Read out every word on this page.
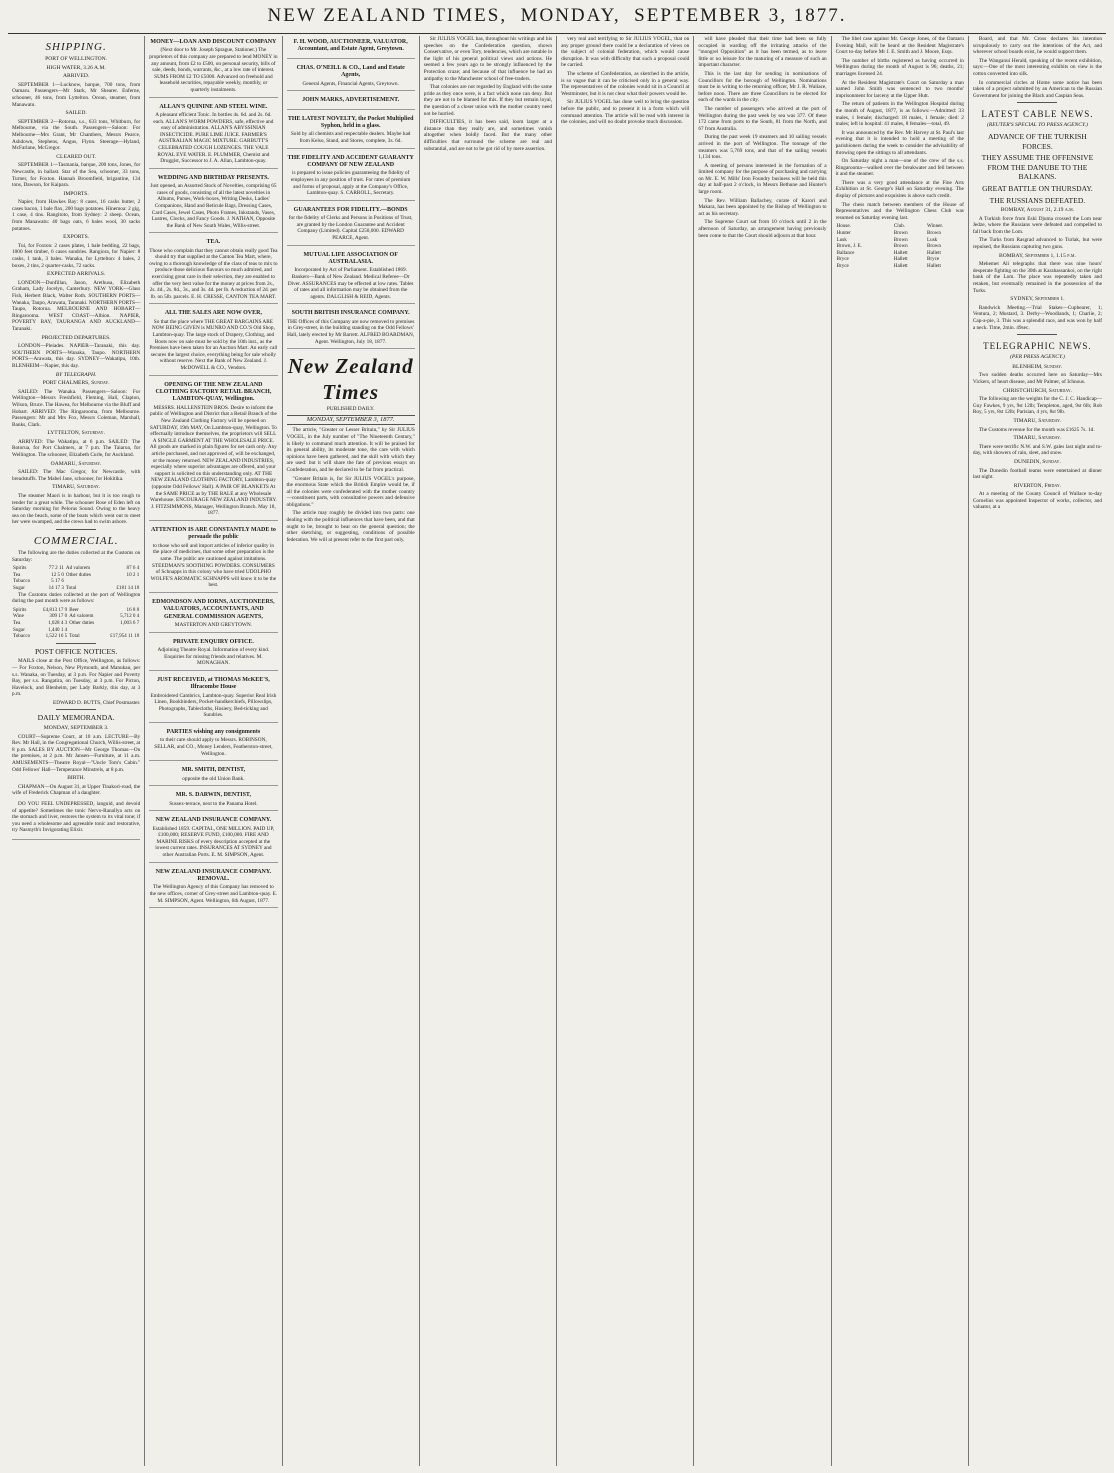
NEW ZEALAND TIMES,
MONDAY,
SEPTEMBER 3, 1877.
SHIPPING.
PORT OF WELLINGTON.
HIGH WATER, 3.26 A.M.
ARRIVED.

SEPTEMBER 1—Lucknow, barque, 700 tons, from Oamaru. Passengers—Mr Stark, Mr Shearer. Enferne, schooner, 46 tons, from Lyttelton. Ocean, steamer, from Manawatu.

SAILED.

SEPTEMBER 2—Rotorua, s.s., 633 tons, Whitburn, for Melbourne, via the South. Passengers—Saloon: For Melbourne—Mrs Grant, Mr Chambers, Messrs Pearce, Ashdown, Stephens, Angus, Flynn. Steerage—Hyland, McFarlane, McGregor.

CLEARED OUT.

SEPTEMBER 1—Tasmania, barque, 200 tons, Jones, for Newcastle, in ballast. Star of the Sea, schooner, 33 tons, Turner, for Foxton. Hannah Broomfield, brigantine, 134 tons, Dawson, for Kaipara.

IMPORTS.

Napier, from Hawkes Bay: 8 cases, 16 casks butter, 2 cases bacon, 1 bale flax, 200 bags potatoes. Hinemoa: 2 gig, 1 case, 4 tins. Rangitoto, from Sydney: 2 sheep. Ocean, from Manawatu: 40 bags oats, 6 bales wool, 30 sacks potatoes.

EXPORTS.

Tui, for Foxton: 2 cases plates, 1 bale bedding, 22 bags, 1000 feet timber, 6 cases sundries. Rangiora, for Napier: 8 casks, 1 tank, 3 bales. Wanaka, for Lyttelton: 4 bales, 2 boxes, 2 tins, 2 quarter-casks, 72 sacks.

EXPECTED ARRIVALS.

LONDON—Dunfillan, Jason, Arethusa, Elizabeth Graham, Lady Jocelyn, Canterbury. NEW YORK—Glass Fish, Herbert Black, Walter Roth. SOUTHERN PORTS—Wanaka, Taupo, Arawata, Taranaki. NORTHERN PORTS—Taupo, Rotorua. MELBOURNE AND HOBART—Ringarooma. WEST COAST—Albion. NAPIER, POVERTY BAY, TAURANGA AND AUCKLAND—Taranaki.

PROJECTED DEPARTURES.

LONDON—Pleiades. NAPIER—Taranaki, this day. SOUTHERN PORTS—Wanaka, Taupo. NORTHERN PORTS—Arawata, this day. SYDNEY—Wakatipu, 10th. BLENHEIM—Napier, this day.

BY TELEGRAPH.
PORT CHALMERS, Sunday.

SAILED: The Wanaka. Passengers—Saloon: For Wellington—Messrs Freshfield, Fleming, Hall, Clapton, Wilson, Bruce. The Hawea, for Melbourne via the Bluff and Hobart. ARRIVED: The Ringarooma, from Melbourne. Passengers: Mr and Mrs Fox, Messrs Coleman, Marshall, Banks, Clark.

LYTTELTON, Saturday.

ARRIVED: The Wakatipu, at 6 p.m. SAILED: The Rotorua, for Port Chalmers, at 7 p.m. The Taiaroa, for Wellington. The schooner, Elizabeth Curle, for Auckland.

OAMARU, Saturday.

SAILED: The Mac Gregor, for Newcastle, with breadstuffs. The Mabel Jane, schooner, for Hokitika.

TIMARU, Saturday.

The steamer Maori is in harbour, but it is too rough to tender for a great while. The schooner Rose of Eden left on Saturday morning for Pelorus Sound. Owing to the heavy sea on the beach, some of the boats which went out to meet her were swamped, and the crews had to swim ashore.

COMMERCIAL.

The following are the duties collected at the Customs on Saturday:

Spirits	77 2 11	Ad valorem	87 6 4
Tea	12 5 0	Other duties	10 2 1
Tobacco	5 17 6		
Sugar	14 17 3	Total	£181 14 10

The Customs duties collected at the port of Wellington during the past month were as follows:

Spirits	£4,813 17 9	Beer	16 8 0
Wine	309 17 0	Ad valorem	5,712 0 4
Tea	1,028 4 3	Other duties	1,003 6 7
Sugar	1,440 1 4		
Tobacco	1,522 16 5	Total	£17,954 11 10
POST OFFICE NOTICES.

MAILS close at the Post Office, Wellington, as follows:— For Foxton, Nelson, New Plymouth, and Manukau, per s.s. Wanaka, on Tuesday, at 3 p.m. For Napier and Poverty Bay, per s.s. Rangatira, on Tuesday, at 3 p.m. For Picton, Havelock, and Blenheim, per Lady Barkly, this day, at 3 p.m.

EDWARD D. BUTTS, Chief Postmaster.

DAILY MEMORANDA.
MONDAY, SEPTEMBER 3.

COURT—Supreme Court, at 10 a.m. LECTURE—By Rev. Mr Hall, in the Congregational Church, Willis-street, at 8 p.m. SALES BY AUCTION—Mr George Thomas—On the premises, at 2 p.m. Mr Jansen—Furniture, at 11 a.m. AMUSEMENTS—Theatre Royal—"Uncle Tom's Cabin." Odd Fellows' Hall—Temperance Minstrels, at 8 p.m.

BIRTH.

CHAPMAN—On August 31, at Upper Tinakori-road, the wife of Frederick Chapman of a daughter.

DO YOU FEEL UNDEPRESSED, languid, and devoid of appetite? Sometimes the tonic Nervo-Ranallya acts on the stomach and liver, restores the system to its vital tone; if you need a wholesome and agreeable tonic and restorative, try Nasmyth's Invigorating Elixir.

MONEY—LOAN AND DISCOUNT COMPANY
(Next door to Mr. Joseph Sprague, Stationer.) The proprietors of this company are prepared to lend MONEY in any amount, from £2 to £500, on personal security, bills of sale, deeds, bonds, warrants, &c., at a low rate of interest. SUMS FROM £2 TO £5000. Advanced on freehold and leasehold securities, repayable weekly, monthly, or quarterly instalments.
ALLAN'S QUININE AND STEEL WINE.
A pleasant efficient Tonic. In bottles 4s. 6d. and 2s. 6d. each. ALLAN'S WORM POWDERS, safe, effective and easy of administration. ALLAN'S ABYSSINIAN INSECTICIDE. PURE LIME JUICE. FARMER'S AUSTRALIAN MAGIC MIXTURE. GARBUTT'S CELEBRATED COUGH LOZENGES. THE VALE ROYAL EYE WATER. E. PLUMMER, Chemist and Druggist, Successor to J. A. Allan, Lambton-quay.
WEDDING AND BIRTHDAY PRESENTS.
Just opened, an Assorted Stock of Novelties, comprising 65 cases of goods, consisting of all the latest novelties in Albums, Purses, Work-boxes, Writing Desks, Ladies' Companions, Hand and Reticule Bags, Dressing Cases, Card Cases, Jewel Cases, Photo Frames, Inkstands, Vases, Lustres, Clocks, and Fancy Goods. J. NATHAN, Opposite the Bank of New South Wales, Willis-street.
TEA.
Those who complain that they cannot obtain really good Tea should try that supplied at the Canton Tea Mart, where, owing to a thorough knowledge of the class of teas to mix to produce those delicious flavours so much admired, and exercising great care in their selection, they are enabled to offer the very best value for the money at prices from 2s., 2s. 4d., 2s. 8d., 3s., and 3s. 4d. per lb. A reduction of 2d. per lb. on 5lb. parcels. E. H. CRESSE, CANTON TEA MART.
ALL THE SALES ARE NOW OVER,
So that the place where THE GREAT BARGAINS ARE NOW BEING GIVEN is MUNRO AND CO.'S Old Shop, Lambton-quay. The large stock of Drapery, Clothing, and Boots now on sale must be sold by the 10th inst., as the Premises have been taken for an Auction Mart. An early call secures the largest choice, everything being for sale wholly without reserve. Next the Bank of New Zealand. J. McDOWELL & CO., Vendors.
OPENING OF THE NEW ZEALAND CLOTHING FACTORY RETAIL BRANCH, LAMBTON-QUAY, Wellington.
MESSRS. HALLENSTEIN BROS. Desire to inform the public of Wellington and District that a Retail Branch of the New Zealand Clothing Factory will be opened on SATURDAY, 19th MAY, On Lambton-quay, Wellington. To effectually introduce themselves, the proprietors will SELL A SINGLE GARMENT AT THE WHOLESALE PRICE. All goods are marked in plain figures for net cash only. Any article purchased, and not approved of, will be exchanged, or the money returned. NEW ZEALAND INDUSTRIES, especially where superior advantages are offered, and your support is solicited on this understanding only. AT THE NEW ZEALAND CLOTHING FACTORY, Lambton-quay (opposite Odd Fellows' Hall). A PAIR OF BLANKETS At the SAME PRICE as by THE BALE at any Wholesale Warehouse. ENCOURAGE NEW ZEALAND INDUSTRY. J. FITZSIMMONS, Manager, Wellington Branch. May 18, 1877.
ATTENTION IS ARE CONSTANTLY MADE to persuade the public
to those who sell and import articles of inferior quality in the place of medicines, that some other preparation is the same. The public are cautioned against imitations. STEEDMAN'S SOOTHING POWDERS. CONSUMERS of Schnapps in this colony who have tried UDOLPHO WOLFE'S AROMATIC SCHNAPPS will know it to be the best.
EDMONDSON AND IORNS, AUCTIONEERS, VALUATORS, ACCOUNTANTS, AND GENERAL COMMISSION AGENTS,
MASTERTON AND GREYTOWN.
PRIVATE ENQUIRY OFFICE.
Adjoining Theatre Royal. Information of every kind. Enquiries for missing friends and relatives. M. MONAGHAN.
JUST RECEIVED, at THOMAS McKEE'S, Ilfracombe House
Embroidered Cambrics, Lambton-quay. Superior Real Irish Linen, Bookbinders, Pocket-handkerchiefs, Pillowslips, Photographs, Tablecloths, Hosiery, Bed-ticking and Sundries.
PARTIES wishing any consignments
to their care should apply to Messrs. ROBINSON, SELLAR, and CO., Money Lenders, Featherston-street, Wellington.
MR. SMITH, DENTIST,
opposite the old Union Bank.
MR. S. DARWIN, DENTIST,
Sussex-terrace, next to the Panama Hotel.
NEW ZEALAND INSURANCE COMPANY.
Established 1859. CAPITAL, ONE MILLION. PAID UP, £100,000; RESERVE FUND, £100,000. FIRE AND MARINE RISKS of every description accepted at the lowest current rates. INSURANCES AT SYDNEY and other Australian Ports. E. M. SIMPSON, Agent.
NEW ZEALAND INSURANCE COMPANY. REMOVAL.
The Wellington Agency of this Company has removed to the new offices, corner of Grey-street and Lambton-quay. E. M. SIMPSON, Agent. Wellington, 6th August, 1877.
F. H. WOOD, AUCTIONEER, VALUATOR, Accountant, and Estate Agent, Greytown.
CHAS. O'NEILL & CO., Land and Estate Agents,
General Agents, Financial Agents, Greytown.
JOHN MARKS, ADVERTISEMENT.
THE LATEST NOVELTY, the Pocket Multiplied Syphon, held in a glass.
Sold by all chemists and respectable dealers. Maybe had from Kelso, Stand, and Stores, complete, 3s. 6d.
THE FIDELITY AND ACCIDENT GUARANTY COMPANY OF NEW ZEALAND
is prepared to issue policies guaranteeing the fidelity of employees in any position of trust. For rates of premium and forms of proposal, apply at the Company's Office, Lambton-quay. S. CARROLL, Secretary.
GUARANTEES FOR FIDELITY.—BONDS
for the fidelity of Clerks and Persons in Positions of Trust, are granted by the London Guarantee and Accident Company (Limited). Capital £250,000. EDWARD PEARCE, Agent.
MUTUAL LIFE ASSOCIATION OF AUSTRALASIA.
Incorporated by Act of Parliament. Established 1869. Bankers—Bank of New Zealand. Medical Referee—Dr Diver. ASSURANCES may be effected at low rates. Tables of rates and all information may be obtained from the agents. DALGLISH & REID, Agents.
SOUTH BRITISH INSURANCE COMPANY.
THE Offices of this Company are now removed to premises in Grey-street, in the building standing on the Odd Fellows' Hall, lately erected by Mr Barrett. ALFRED BOARDMAN, Agent. Wellington, July 18, 1877.
New Zealand Times
PUBLISHED DAILY.
MONDAY, SEPTEMBER 3, 1877.

The article, "Greater or Lesser Britain," by Sir JULIUS VOGEL, in the July number of "The Nineteenth Century," is likely to command much attention. It will be praised for its general ability, its moderate tone, the care with which opinions have been gathered, and the skill with which they are used: but it will share the fate of previous essays on Confederation, and be declared to be far from practical.

"Greater Britain is, for Sir JULIUS VOGEL's purpose, the enormous State which the British Empire would be, if all the colonies were confederated with the mother country—constituent parts, with consultative powers and defensive obligations."

The article may roughly be divided into two parts: one dealing with the political influences that have been, and that ought to be, brought to bear on the general question; the other sketching, or suggesting, conditions of possible federation. We will at present refer to the first part only.

Sir JULIUS VOGEL has, throughout his writings and his speeches on the Confederation question, shown Conservative, or even Tory, tendencies, which are notable in the light of his general political views and actions. He seemed a few years ago to be strongly influenced by the Protection craze; and because of that influence he had an antipathy to the Manchester school of free-traders.

That colonies are not regarded by England with the same pride as they once were, is a fact which none can deny. But they are not to be blamed for this. If they but remain loyal, the question of a closer union with the mother country need not be hurried.

DIFFICULTIES, it has been said, loom larger at a distance than they really are, and sometimes vanish altogether when boldly faced. But the many other difficulties that surround the scheme are real and substantial, and are not to be got rid of by mere assertion.

very real and terrifying to Sir JULIUS VOGEL, that on any proper ground there could be a declaration of views on the subject of colonial federation, which would cause disruption. It was with difficulty that such a proposal could be carried.

The scheme of Confederation, as sketched in the article, is so vague that it can be criticised only in a general way. The representatives of the colonies would sit in a Council at Westminster, but it is not clear what their powers would be.

Sir JULIUS VOGEL has done well to bring the question before the public, and to present it in a form which will command attention. The article will be read with interest in the colonies, and will no doubt provoke much discussion.

will have pleaded that their time had been so fully occupied in warding off the irritating attacks of the "mongrel Opposition" as it has been termed, as to leave little or no leisure for the maturing of a measure of such an important character.

This is the last day for sending in nominations of Councillors for the borough of Wellington. Nominations must be in writing to the returning officer, Mr J. R. Wallace, before noon. There are three Councillors to be elected for each of the wards in the city.

The number of passengers who arrived at the port of Wellington during the past week by sea was 377. Of these 172 came from ports to the South, 81 from the North, and 67 from Australia.

During the past week 19 steamers and 10 sailing vessels arrived in the port of Wellington. The tonnage of the steamers was 5,769 tons, and that of the sailing vessels 1,134 tons.

A meeting of persons interested in the formation of a limited company for the purpose of purchasing and carrying on Mr. E. W. Mills' Iron Foundry business will be held this day at half-past 2 o'clock, in Messrs Bethune and Hunter's large room.

The Rev. William Ballachey, curate of Karori and Makara, has been appointed by the Bishop of Wellington to act as his secretary.

The Supreme Court sat from 10 o'clock until 2 in the afternoon of Saturday, an arrangement having previously been come to that the Court should adjourn at that hour.

The libel case against Mr. George Jones, of the Oamaru Evening Mail, will be heard at the Resident Magistrate's Court to-day before Mr J. E. Smith and J. Moore, Esqs.

The number of births registered as having occurred in Wellington during the month of August is 96; deaths, 21; marriages licensed 24.

At the Resident Magistrate's Court on Saturday a man named John Smith was sentenced to two months' imprisonment for larceny at the Upper Hutt.

The return of patients in the Wellington Hospital during the month of August, 1877, is as follows:—Admitted: 33 males, 1 female; discharged: 18 males, 1 female; died: 2 males; left in hospital: 41 males, 8 females—total, 49.

It was announced by the Rev. Mr Harvey at St. Paul's last evening that it is intended to hold a meeting of the parishioners during the week to consider the advisability of throwing open the sittings to all attendants.

On Saturday night a man—one of the crew of the s.s. Ringarooma—walked over the breakwater and fell between it and the steamer.

There was a very good attendance at the Fine Arts Exhibition at St. George's Hall on Saturday evening. The display of pictures and exquisites is above such credit.

The chess match between members of the House of Representatives and the Wellington Chess Club was resumed on Saturday evening last.

House.	Club.	Winner.
Hunter	Brown	Brown
Lusk	Brown	Lusk
Brown, J. E.	Brown	Brown
Ballance	Hallett	Hallett
Bryce	Hallett	Bryce
Bryce	Hallett	Hallett

Board, and that Mr. Cross declares his intention scrupulously to carry out the intentions of the Act, and wherever school boards exist, he would support them.

The Wanganui Herald, speaking of the recent exhibition, says:—One of the most interesting exhibits on view is the cotton converted into silk.

In commercial circles at Home some notice has been taken of a project submitted by an American to the Russian Government for joining the Black and Caspian Seas.

LATEST CABLE NEWS.
(REUTER'S SPECIAL TO PRESS AGENCY.)
ADVANCE OF THE TURKISH FORCES.
THEY ASSUME THE OFFENSIVE FROM THE DANUBE TO THE BALKANS.
GREAT BATTLE ON THURSDAY.
THE RUSSIANS DEFEATED.
BOMBAY, August 31, 2.19 a.m.

A Turkish force from Eski Djuma crossed the Lom near Jedze, where the Russians were defeated and compelled to fall back from the Lom.

The Turks from Rasgrad advanced to Turlak, but were repulsed, the Russians capturing two guns.

BOMBAY, September 1, 1.15 p.m.

Mehemet Ali telegraphs that there was nine hours' desperate fighting on the 30th at Karahassankoi, on the right bank of the Lom. The place was repeatedly taken and retaken, but eventually remained in the possession of the Turks.

SYDNEY, September 1.

Randwick Meeting.—Trial Stakes—Cupbearer, 1; Ventura, 2; Mustard, 3. Derby—Woodlands, 1; Charlie, 2; Cap-a-pie, 3. This was a splendid race, and was won by half a neck. Time, 2min. 49sec.

TELEGRAPHIC NEWS.
(PER PRESS AGENCY.)
BLENHEIM, Sunday.

Two sudden deaths occurred here on Saturday—Mrs Vickers, of heart disease, and Mr Palmer, of Ichnous.

CHRISTCHURCH, Saturday.

The following are the weights for the C. J. C. Handicap—Guy Fawkes, 9 yrs, 9st 12lb; Templeton, aged, 9st 6lb; Rob Roy, 5 yrs, 8st 12lb; Parisian, 4 yrs, 8st 9lb.

TIMARU, Saturday.

The Customs revenue for the month was £1625 7s. 1d.

TIMARU, Saturday.

There were terrific N.W. and S.W. gales last night and to-day, with showers of rain, sleet, and snow.

DUNEDIN, Sunday.

The Dunedin football teams were entertained at dinner last night.

RIVERTON, Friday.

At a meeting of the County Council of Wallace to-day Cornelius was appointed Inspector of works, collector, and valuator, at a
